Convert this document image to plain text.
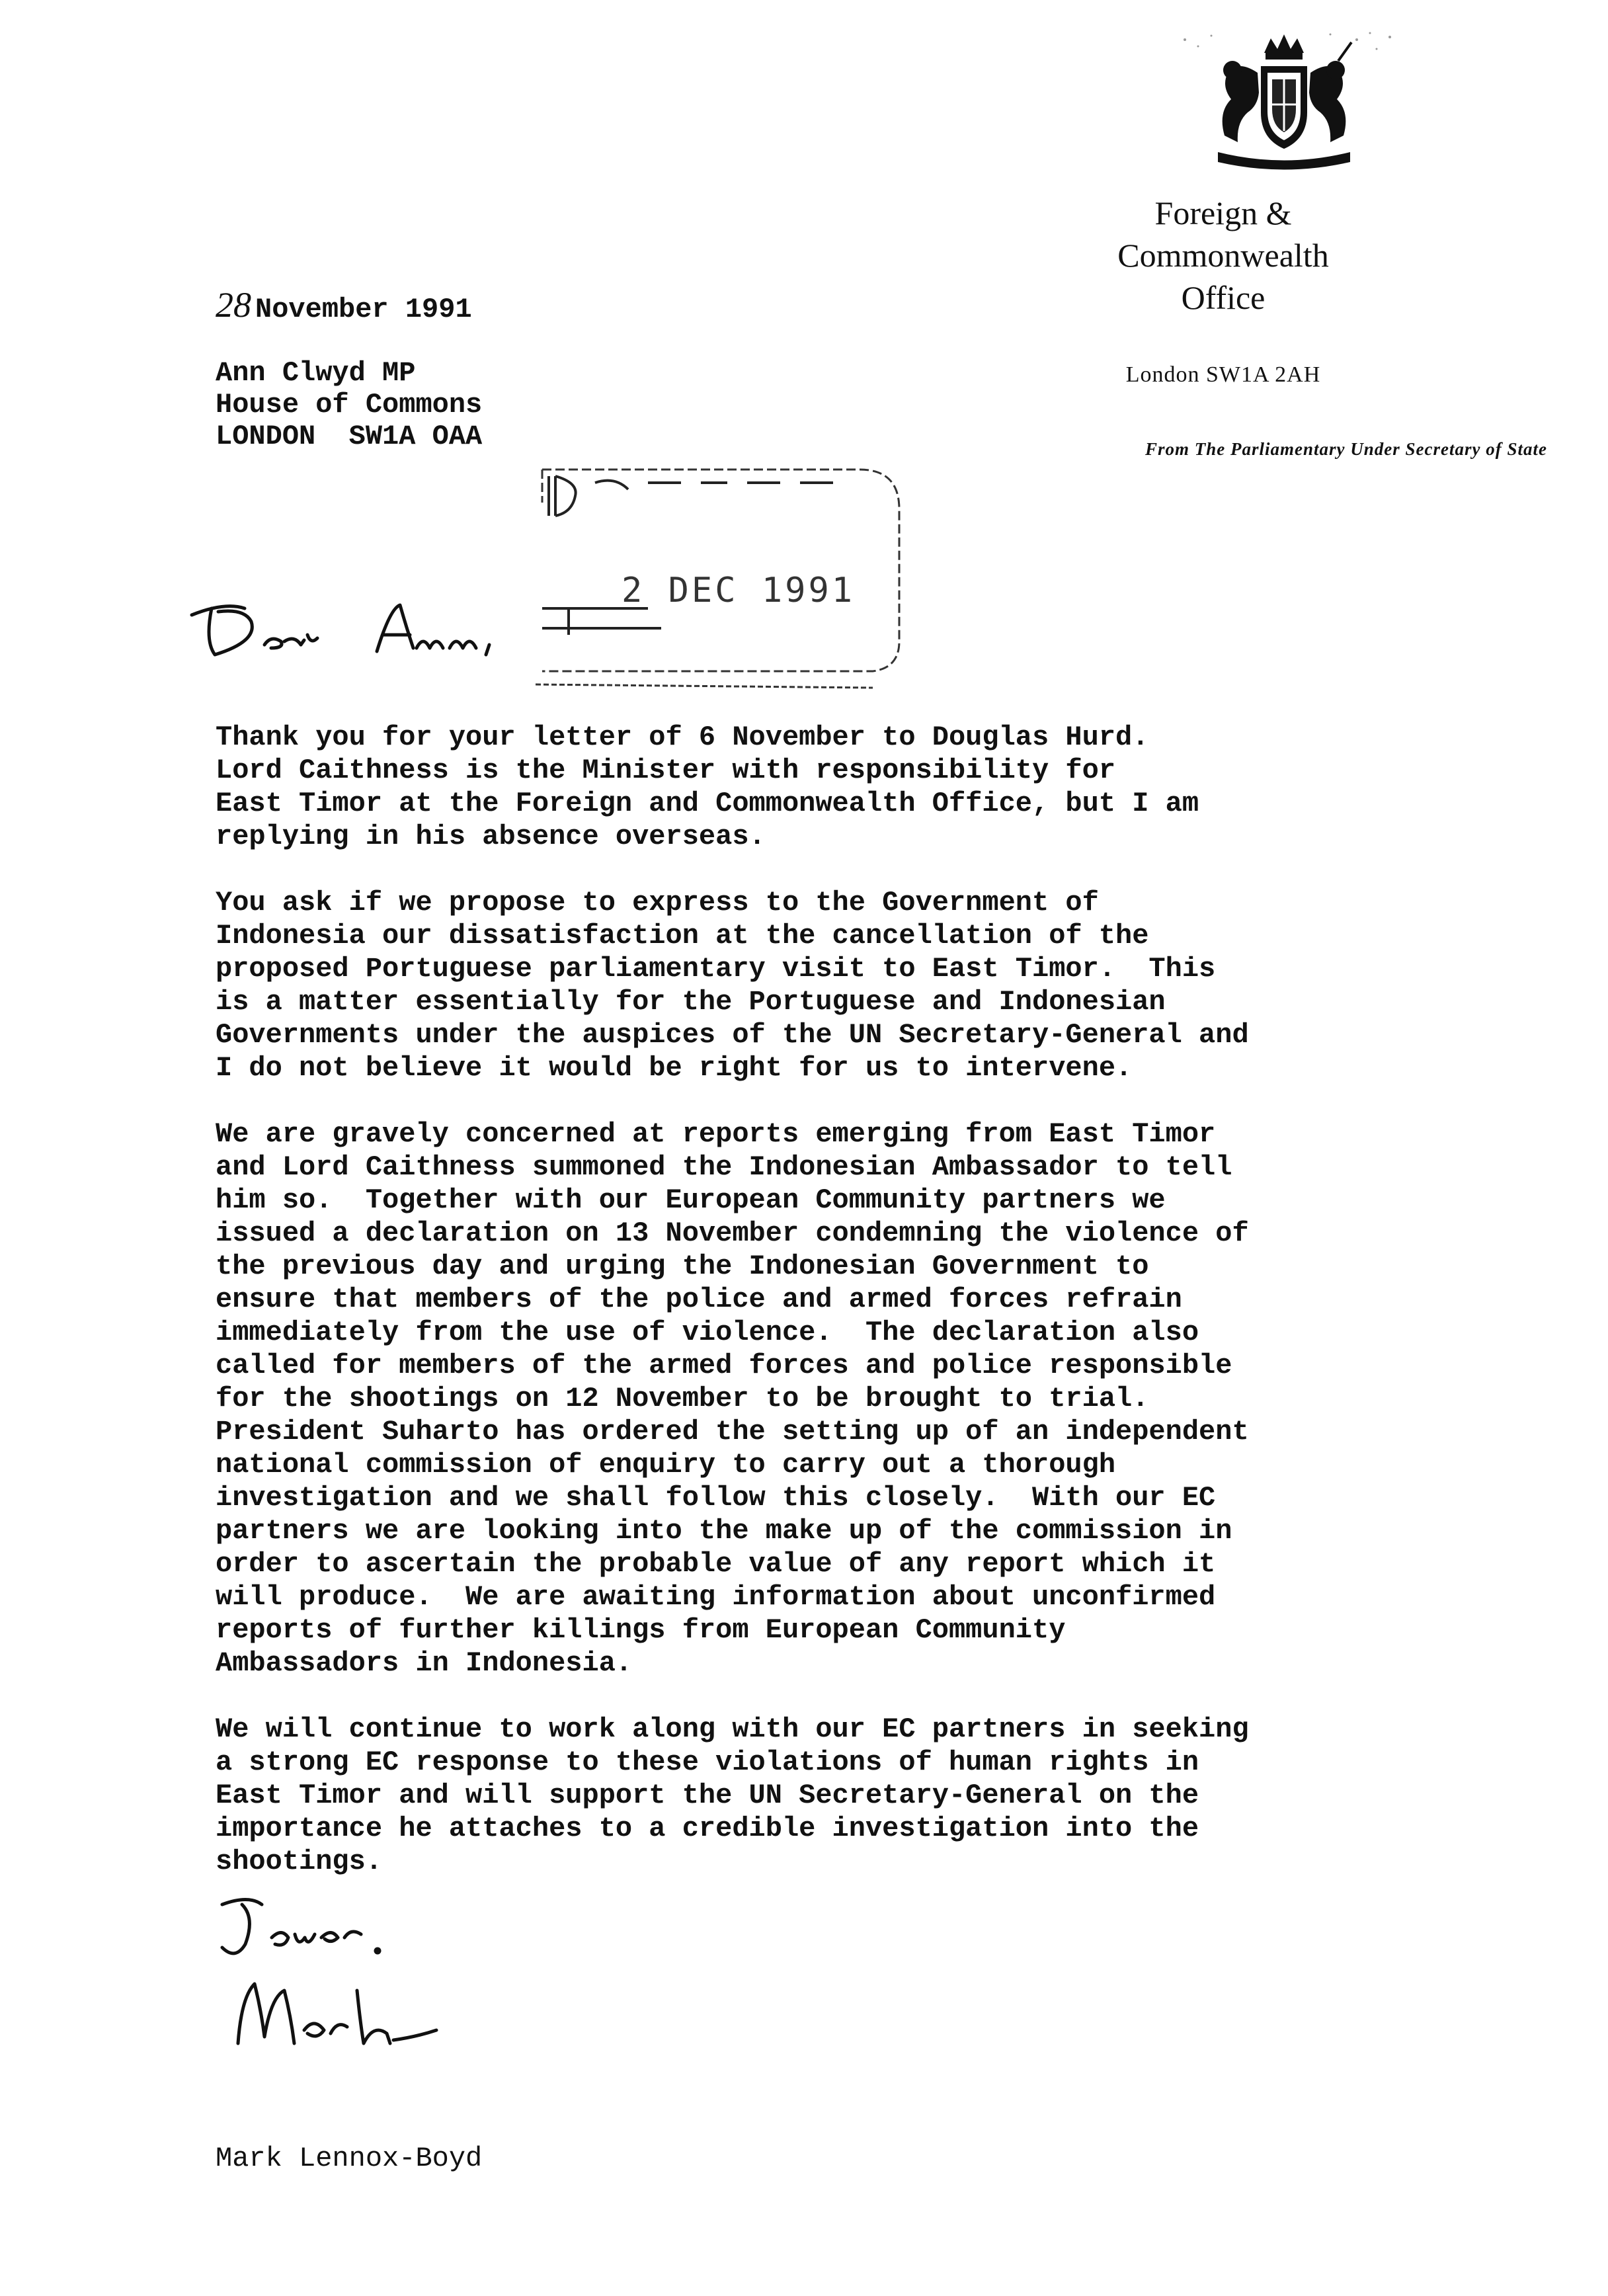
Foreign &
Commonwealth
Office
London SW1A 2AH
From The Parliamentary Under Secretary of State
28 November 1991
Ann Clwyd MP
House of Commons
LONDON  SW1A OAA
2 DEC 1991
Thank you for your letter of 6 November to Douglas Hurd.
Lord Caithness is the Minister with responsibility for
East Timor at the Foreign and Commonwealth Office, but I am
replying in his absence overseas.
You ask if we propose to express to the Government of
Indonesia our dissatisfaction at the cancellation of the
proposed Portuguese parliamentary visit to East Timor.  This
is a matter essentially for the Portuguese and Indonesian
Governments under the auspices of the UN Secretary-General and
I do not believe it would be right for us to intervene.
We are gravely concerned at reports emerging from East Timor
and Lord Caithness summoned the Indonesian Ambassador to tell
him so.  Together with our European Community partners we
issued a declaration on 13 November condemning the violence of
the previous day and urging the Indonesian Government to
ensure that members of the police and armed forces refrain
immediately from the use of violence.  The declaration also
called for members of the armed forces and police responsible
for the shootings on 12 November to be brought to trial.
President Suharto has ordered the setting up of an independent
national commission of enquiry to carry out a thorough
investigation and we shall follow this closely.  With our EC
partners we are looking into the make up of the commission in
order to ascertain the probable value of any report which it
will produce.  We are awaiting information about unconfirmed
reports of further killings from European Community
Ambassadors in Indonesia.
We will continue to work along with our EC partners in seeking
a strong EC response to these violations of human rights in
East Timor and will support the UN Secretary-General on the
importance he attaches to a credible investigation into the
shootings.
Mark Lennox-Boyd
